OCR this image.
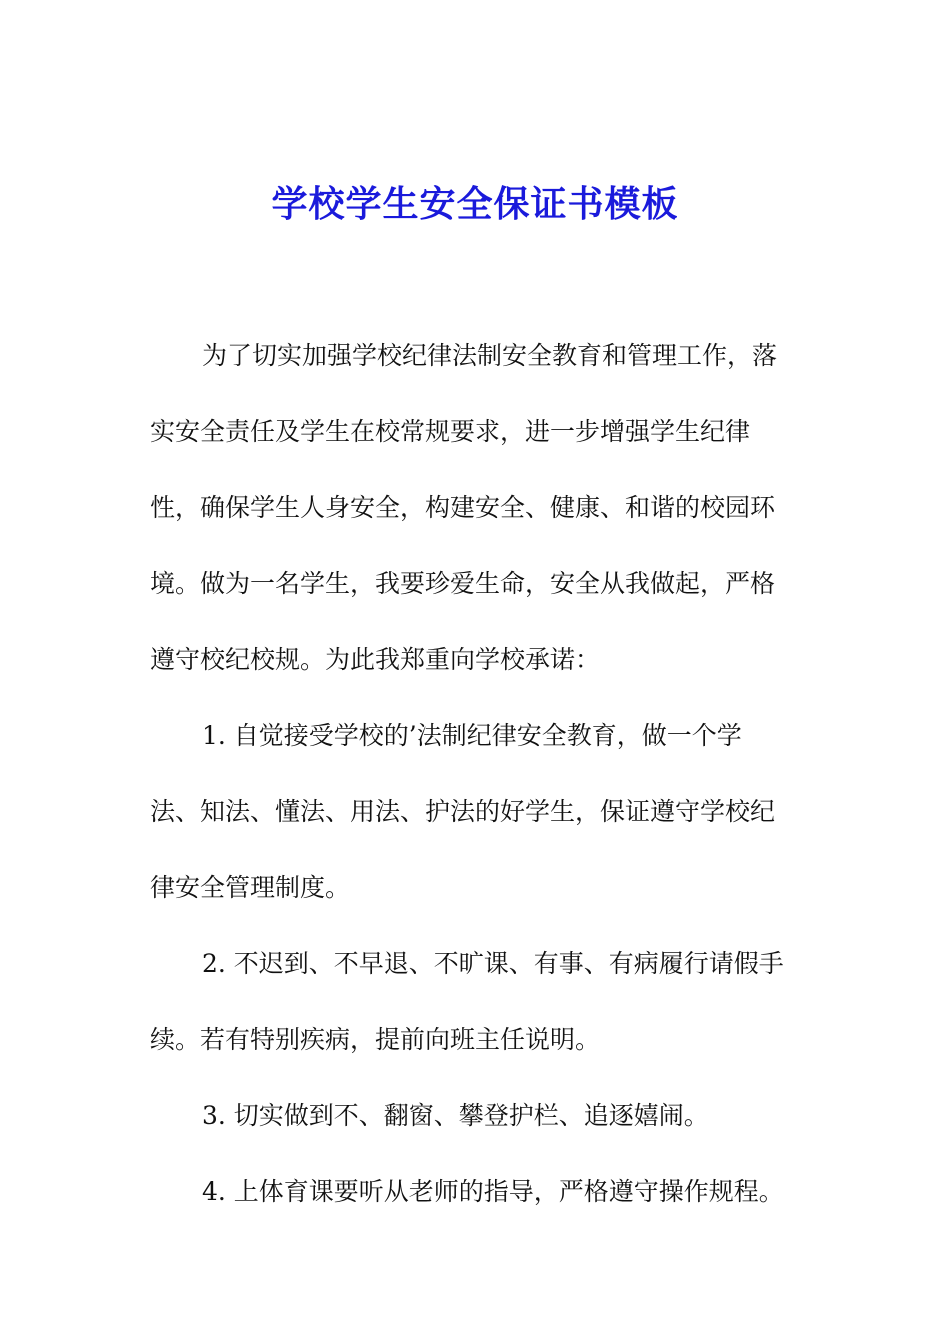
学校学生安全保证书模板
为了切实加强学校纪律法制安全教育和管理工作，落
实安全责任及学生在校常规要求，进一步增强学生纪律
性，确保学生人身安全，构建安全、健康、和谐的校园环
境。做为一名学生，我要珍爱生命，安全从我做起，严格
遵守校纪校规。为此我郑重向学校承诺：
1. 自觉接受学校的’法制纪律安全教育，做一个学
法、知法、懂法、用法、护法的好学生，保证遵守学校纪
律安全管理制度。
2. 不迟到、不早退、不旷课、有事、有病履行请假手
续。若有特别疾病，提前向班主任说明。
3. 切实做到不、翻窗、攀登护栏、追逐嬉闹。
4. 上体育课要听从老师的指导，严格遵守操作规程。
